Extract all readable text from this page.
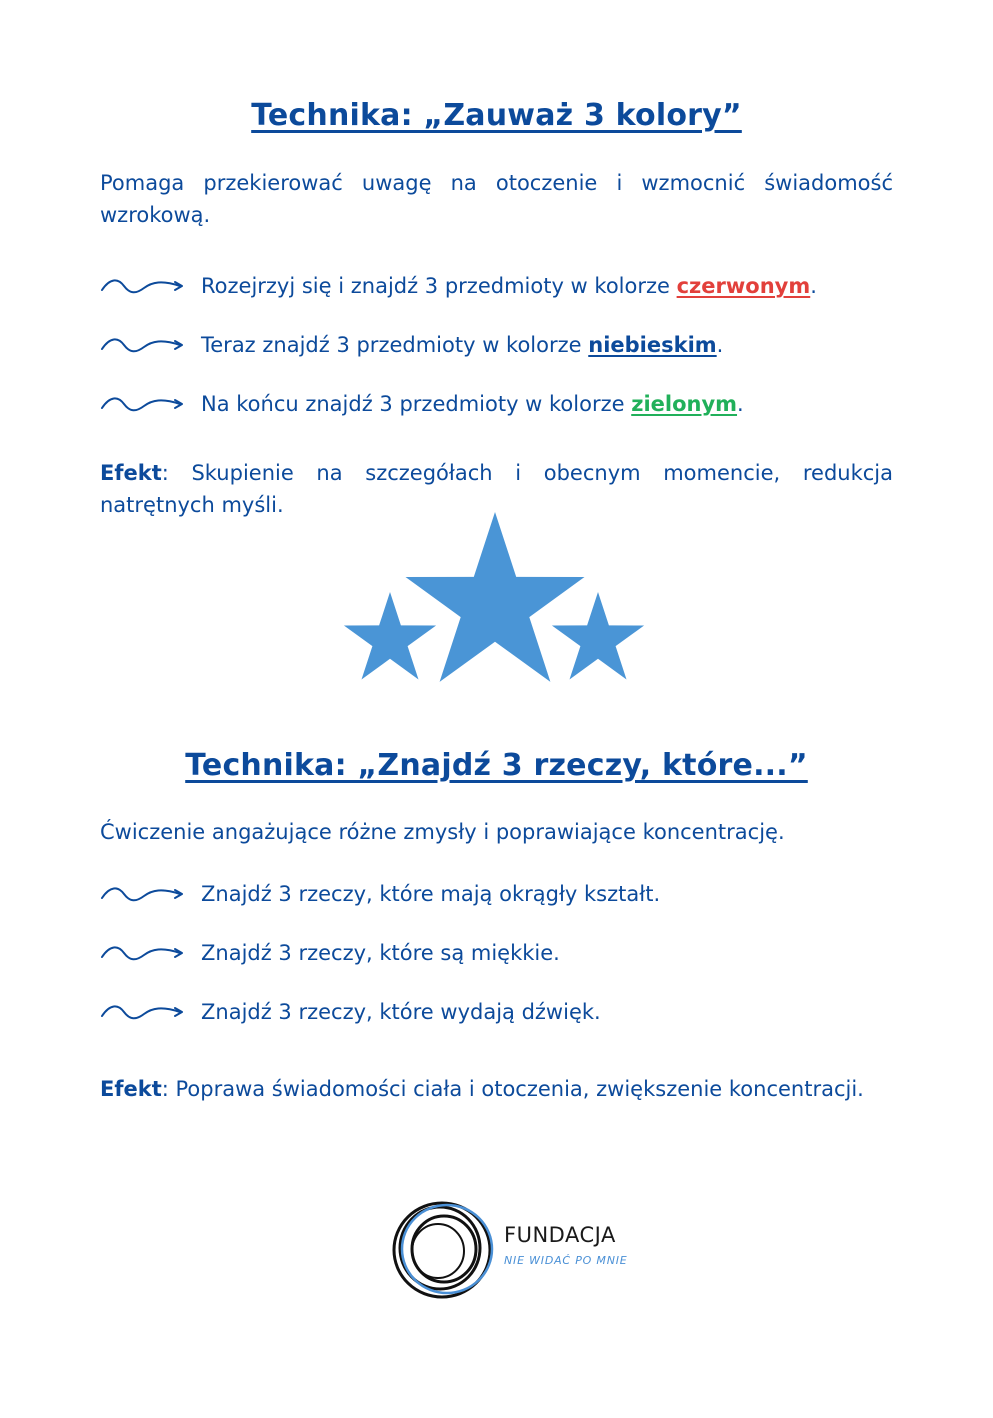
Technika: „Zauważ 3 kolory”

Pomaga przekierować uwagę na otoczenie i wzmocnić świadomość wzrokową.

Rozejrzyj się i znajdź 3 przedmioty w kolorze czerwonym.
Teraz znajdź 3 przedmioty w kolorze niebieskim.
Na końcu znajdź 3 przedmioty w kolorze zielonym.

Efekt: Skupienie na szczegółach i obecnym momencie, redukcja natrętnych myśli.

Technika: „Znajdź 3 rzeczy, które...”

Ćwiczenie angażujące różne zmysły i poprawiające koncentrację.

Znajdź 3 rzeczy, które mają okrągły kształt.
Znajdź 3 rzeczy, które są miękkie.
Znajdź 3 rzeczy, które wydają dźwięk.

Efekt: Poprawa świadomości ciała i otoczenia, zwiększenie koncentracji.

FUNDACJA
NIE WIDAĆ PO MNIE
